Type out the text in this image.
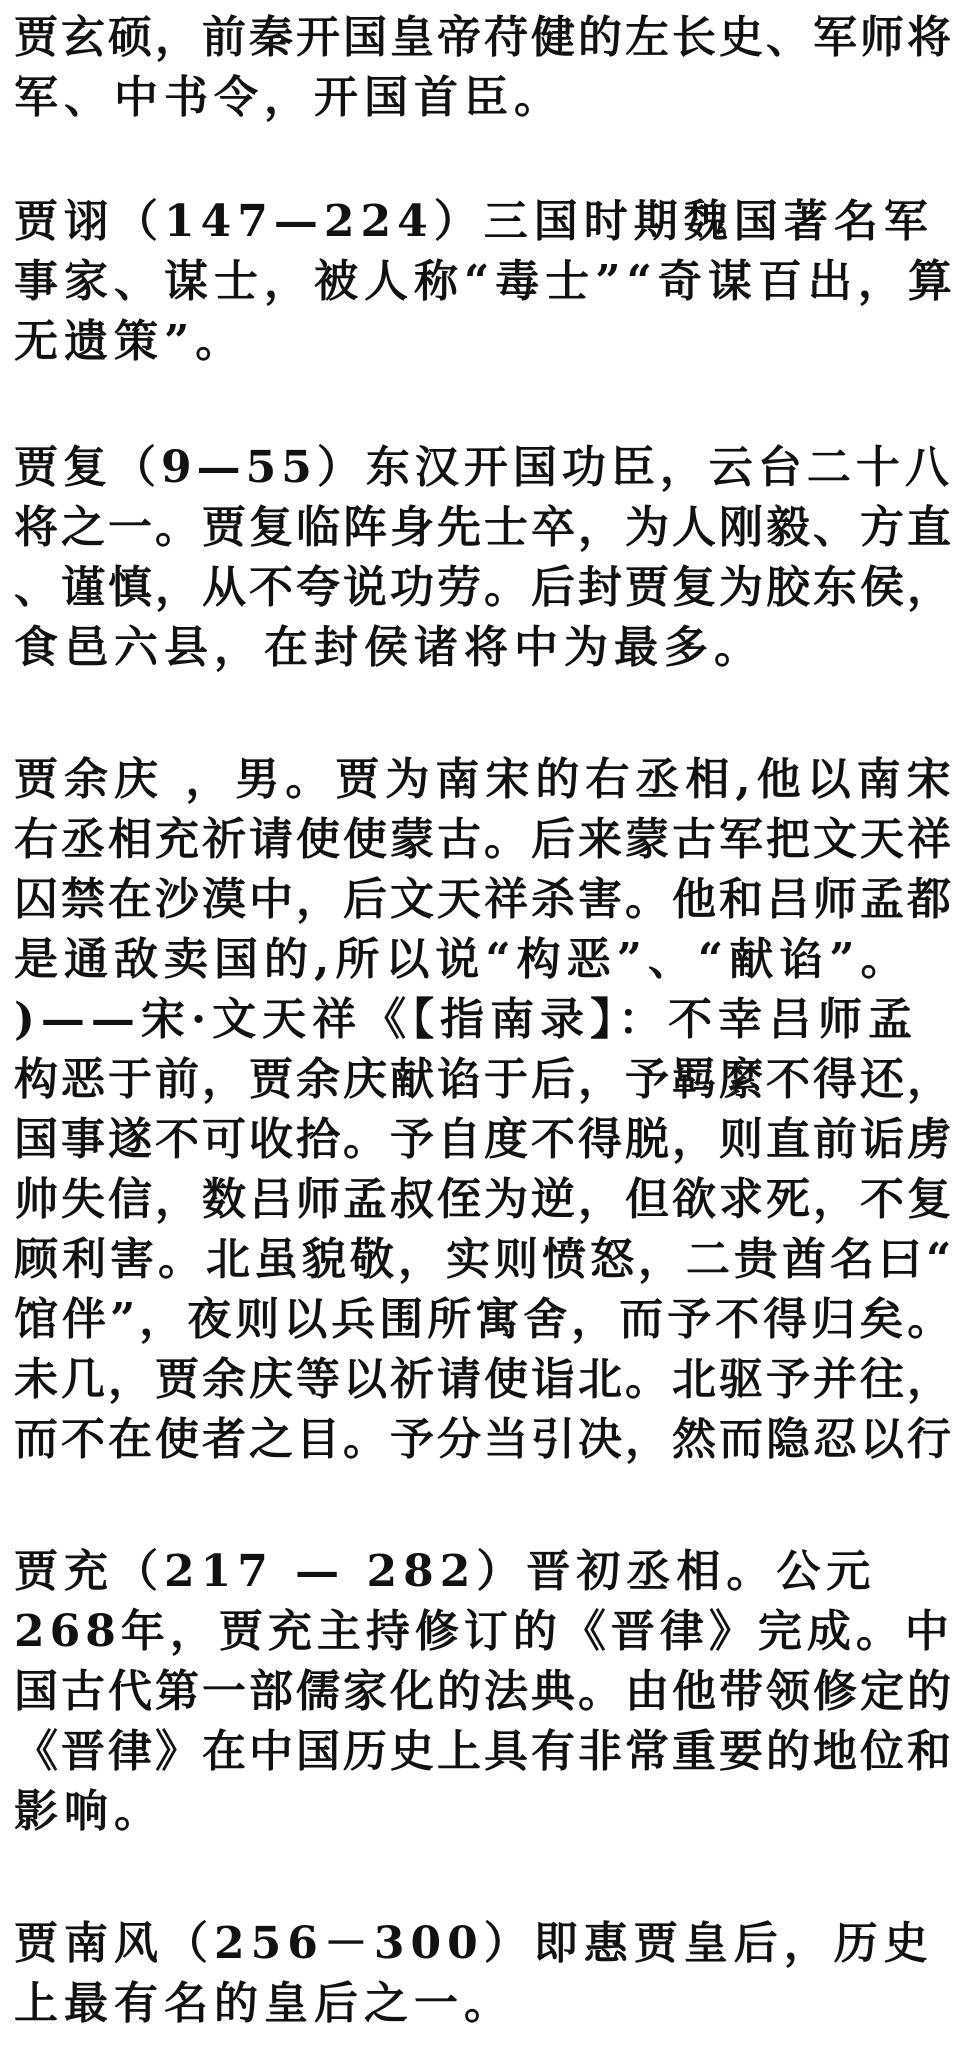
贾玄硕，前秦开国皇帝苻健的左长史、军师将

军、中书令，开国首臣。

贾诩（147—224）三国时期魏国著名军

事家、谋士，被人称“毒士”“奇谋百出，算

无遗策”。

贾复（9—55）东汉开国功臣，云台二十八

将之一。贾复临阵身先士卒，为人刚毅、方直

、谨慎，从不夸说功劳。后封贾复为胶东侯，

食邑六县，在封侯诸将中为最多。

贾余庆 ，男。贾为南宋的右丞相,他以南宋

右丞相充祈请使使蒙古。后来蒙古军把文天祥

囚禁在沙漠中，后文天祥杀害。他和吕师孟都

是通敌卖国的,所以说“构恶”、“献谄”。

)——宋·文天祥《【指南录】：不幸吕师孟

构恶于前，贾余庆献谄于后，予羁縻不得还，

国事遂不可收拾。予自度不得脱，则直前诟虏

帅失信，数吕师孟叔侄为逆，但欲求死，不复

顾利害。北虽貌敬，实则愤怒，二贵酋名曰“

馆伴”，夜则以兵围所寓舍，而予不得归矣。

未几，贾余庆等以祈请使诣北。北驱予并往，

而不在使者之目。予分当引决，然而隐忍以行

贾充（217 — 282）晋初丞相。公元

268年，贾充主持修订的《晋律》完成。中

国古代第一部儒家化的法典。由他带领修定的

《晋律》在中国历史上具有非常重要的地位和

影响。

贾南风（256－300）即惠贾皇后，历史

上最有名的皇后之一。
